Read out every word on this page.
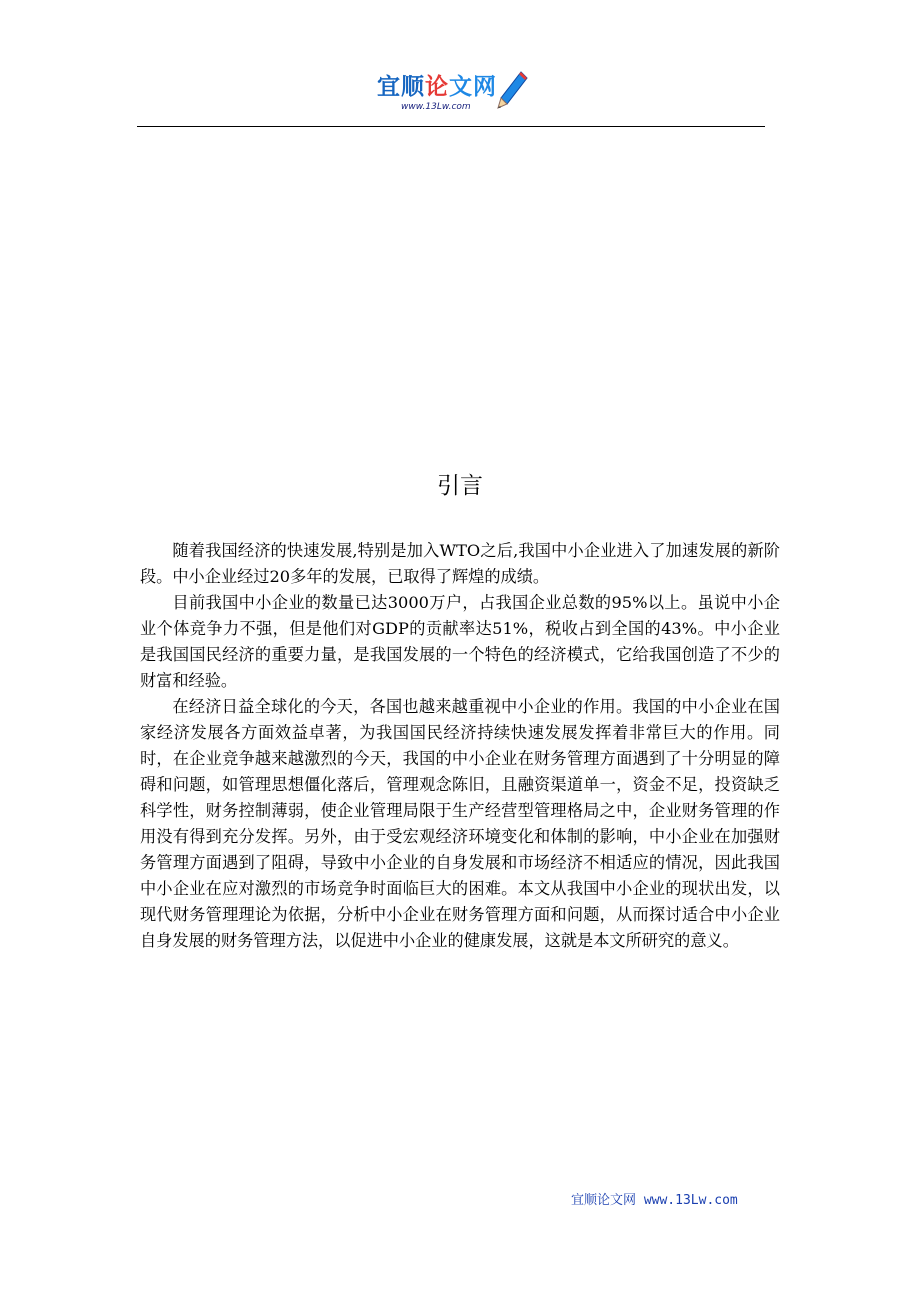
宜顺论文网
www.13Lw.com
引言

随着我国经济的快速发展,特别是加入WTO之后,我国中小企业进入了加速发展的新阶段。中小企业经过20多年的发展，已取得了辉煌的成绩。

目前我国中小企业的数量已达3000万户，占我国企业总数的95%以上。虽说中小企业个体竞争力不强，但是他们对GDP的贡献率达51%，税收占到全国的43%。中小企业是我国国民经济的重要力量，是我国发展的一个特色的经济模式，它给我国创造了不少的财富和经验。

在经济日益全球化的今天，各国也越来越重视中小企业的作用。我国的中小企业在国家经济发展各方面效益卓著，为我国国民经济持续快速发展发挥着非常巨大的作用。同时，在企业竞争越来越激烈的今天，我国的中小企业在财务管理方面遇到了十分明显的障碍和问题，如管理思想僵化落后，管理观念陈旧，且融资渠道单一，资金不足，投资缺乏科学性，财务控制薄弱，使企业管理局限于生产经营型管理格局之中，企业财务管理的作用没有得到充分发挥。另外，由于受宏观经济环境变化和体制的影响，中小企业在加强财务管理方面遇到了阻碍，导致中小企业的自身发展和市场经济不相适应的情况，因此我国中小企业在应对激烈的市场竞争时面临巨大的困难。本文从我国中小企业的现状出发，以现代财务管理理论为依据，分析中小企业在财务管理方面和问题，从而探讨适合中小企业自身发展的财务管理方法，以促进中小企业的健康发展，这就是本文所研究的意义。

宜顺论文网 www.13Lw.com
